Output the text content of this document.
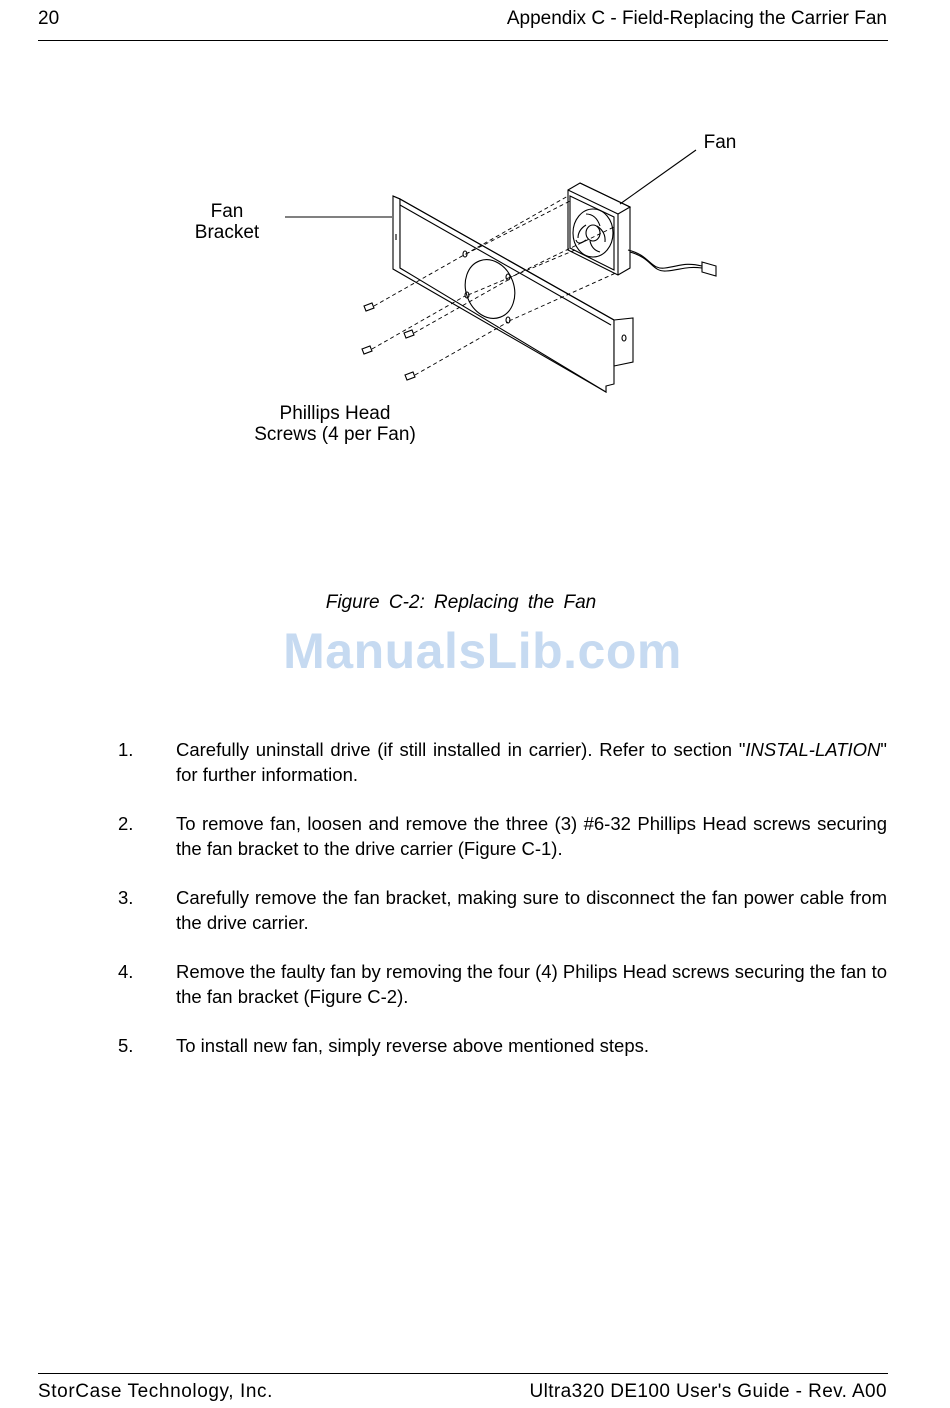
20	Appendix C - Field-Replacing the Carrier Fan
Fan
Fan
Bracket
Phillips Head
Screws (4 per Fan)
Figure C-2: Replacing the Fan
ManualsLib.com
1. Carefully uninstall drive (if still installed in carrier). Refer to section "INSTAL-LATION" for further information.
2. To remove fan, loosen and remove the three (3) #6-32 Phillips Head screws securing the fan bracket to the drive carrier (Figure C-1).
3. Carefully remove the fan bracket, making sure to disconnect the fan power cable from the drive carrier.
4. Remove the faulty fan by removing the four (4) Philips Head screws securing the fan to the fan bracket (Figure C-2).
5. To install new fan, simply reverse above mentioned steps.
StorCase Technology, Inc.	Ultra320 DE100 User's Guide - Rev. A00
